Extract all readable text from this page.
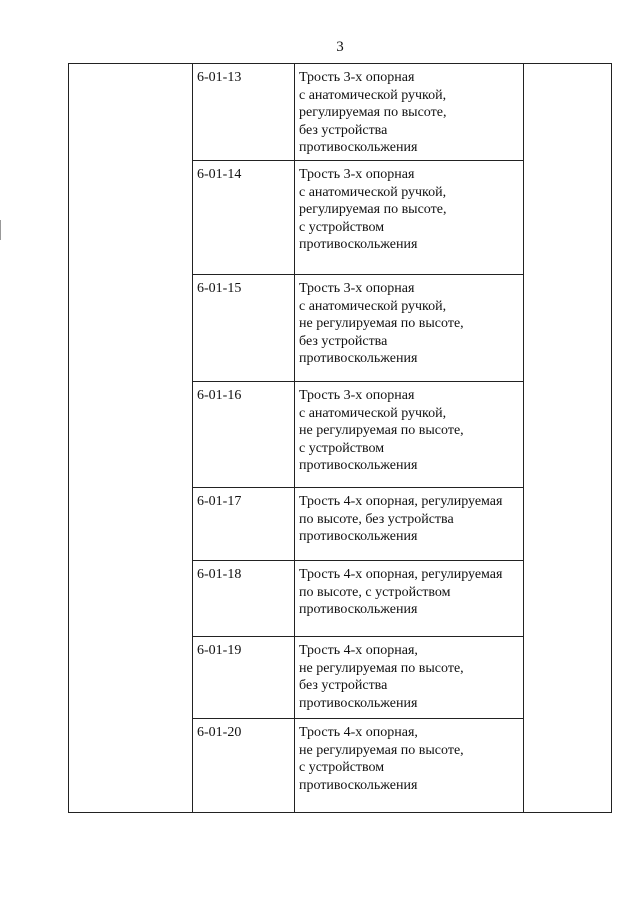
3
	6-01-13	Трость 3-х опорная
с анатомической ручкой,
регулируемая по высоте,
без устройства
противоскольжения	

	6-01-14	Трость 3-х опорная
с анатомической ручкой,
регулируемая по высоте,
с устройством
противоскольжения	

	6-01-15	Трость 3-х опорная
с анатомической ручкой,
не регулируемая по высоте,
без устройства
противоскольжения	

	6-01-16	Трость 3-х опорная
с анатомической ручкой,
не регулируемая по высоте,
с устройством
противоскольжения	

	6-01-17	Трость 4-х опорная, регулируемая
по высоте, без устройства
противоскольжения	

	6-01-18	Трость 4-х опорная, регулируемая
по высоте, с устройством
противоскольжения	

	6-01-19	Трость 4-х опорная,
не регулируемая по высоте,
без устройства
противоскольжения	

	6-01-20	Трость 4-х опорная,
не регулируемая по высоте,
с устройством
противоскольжения	
